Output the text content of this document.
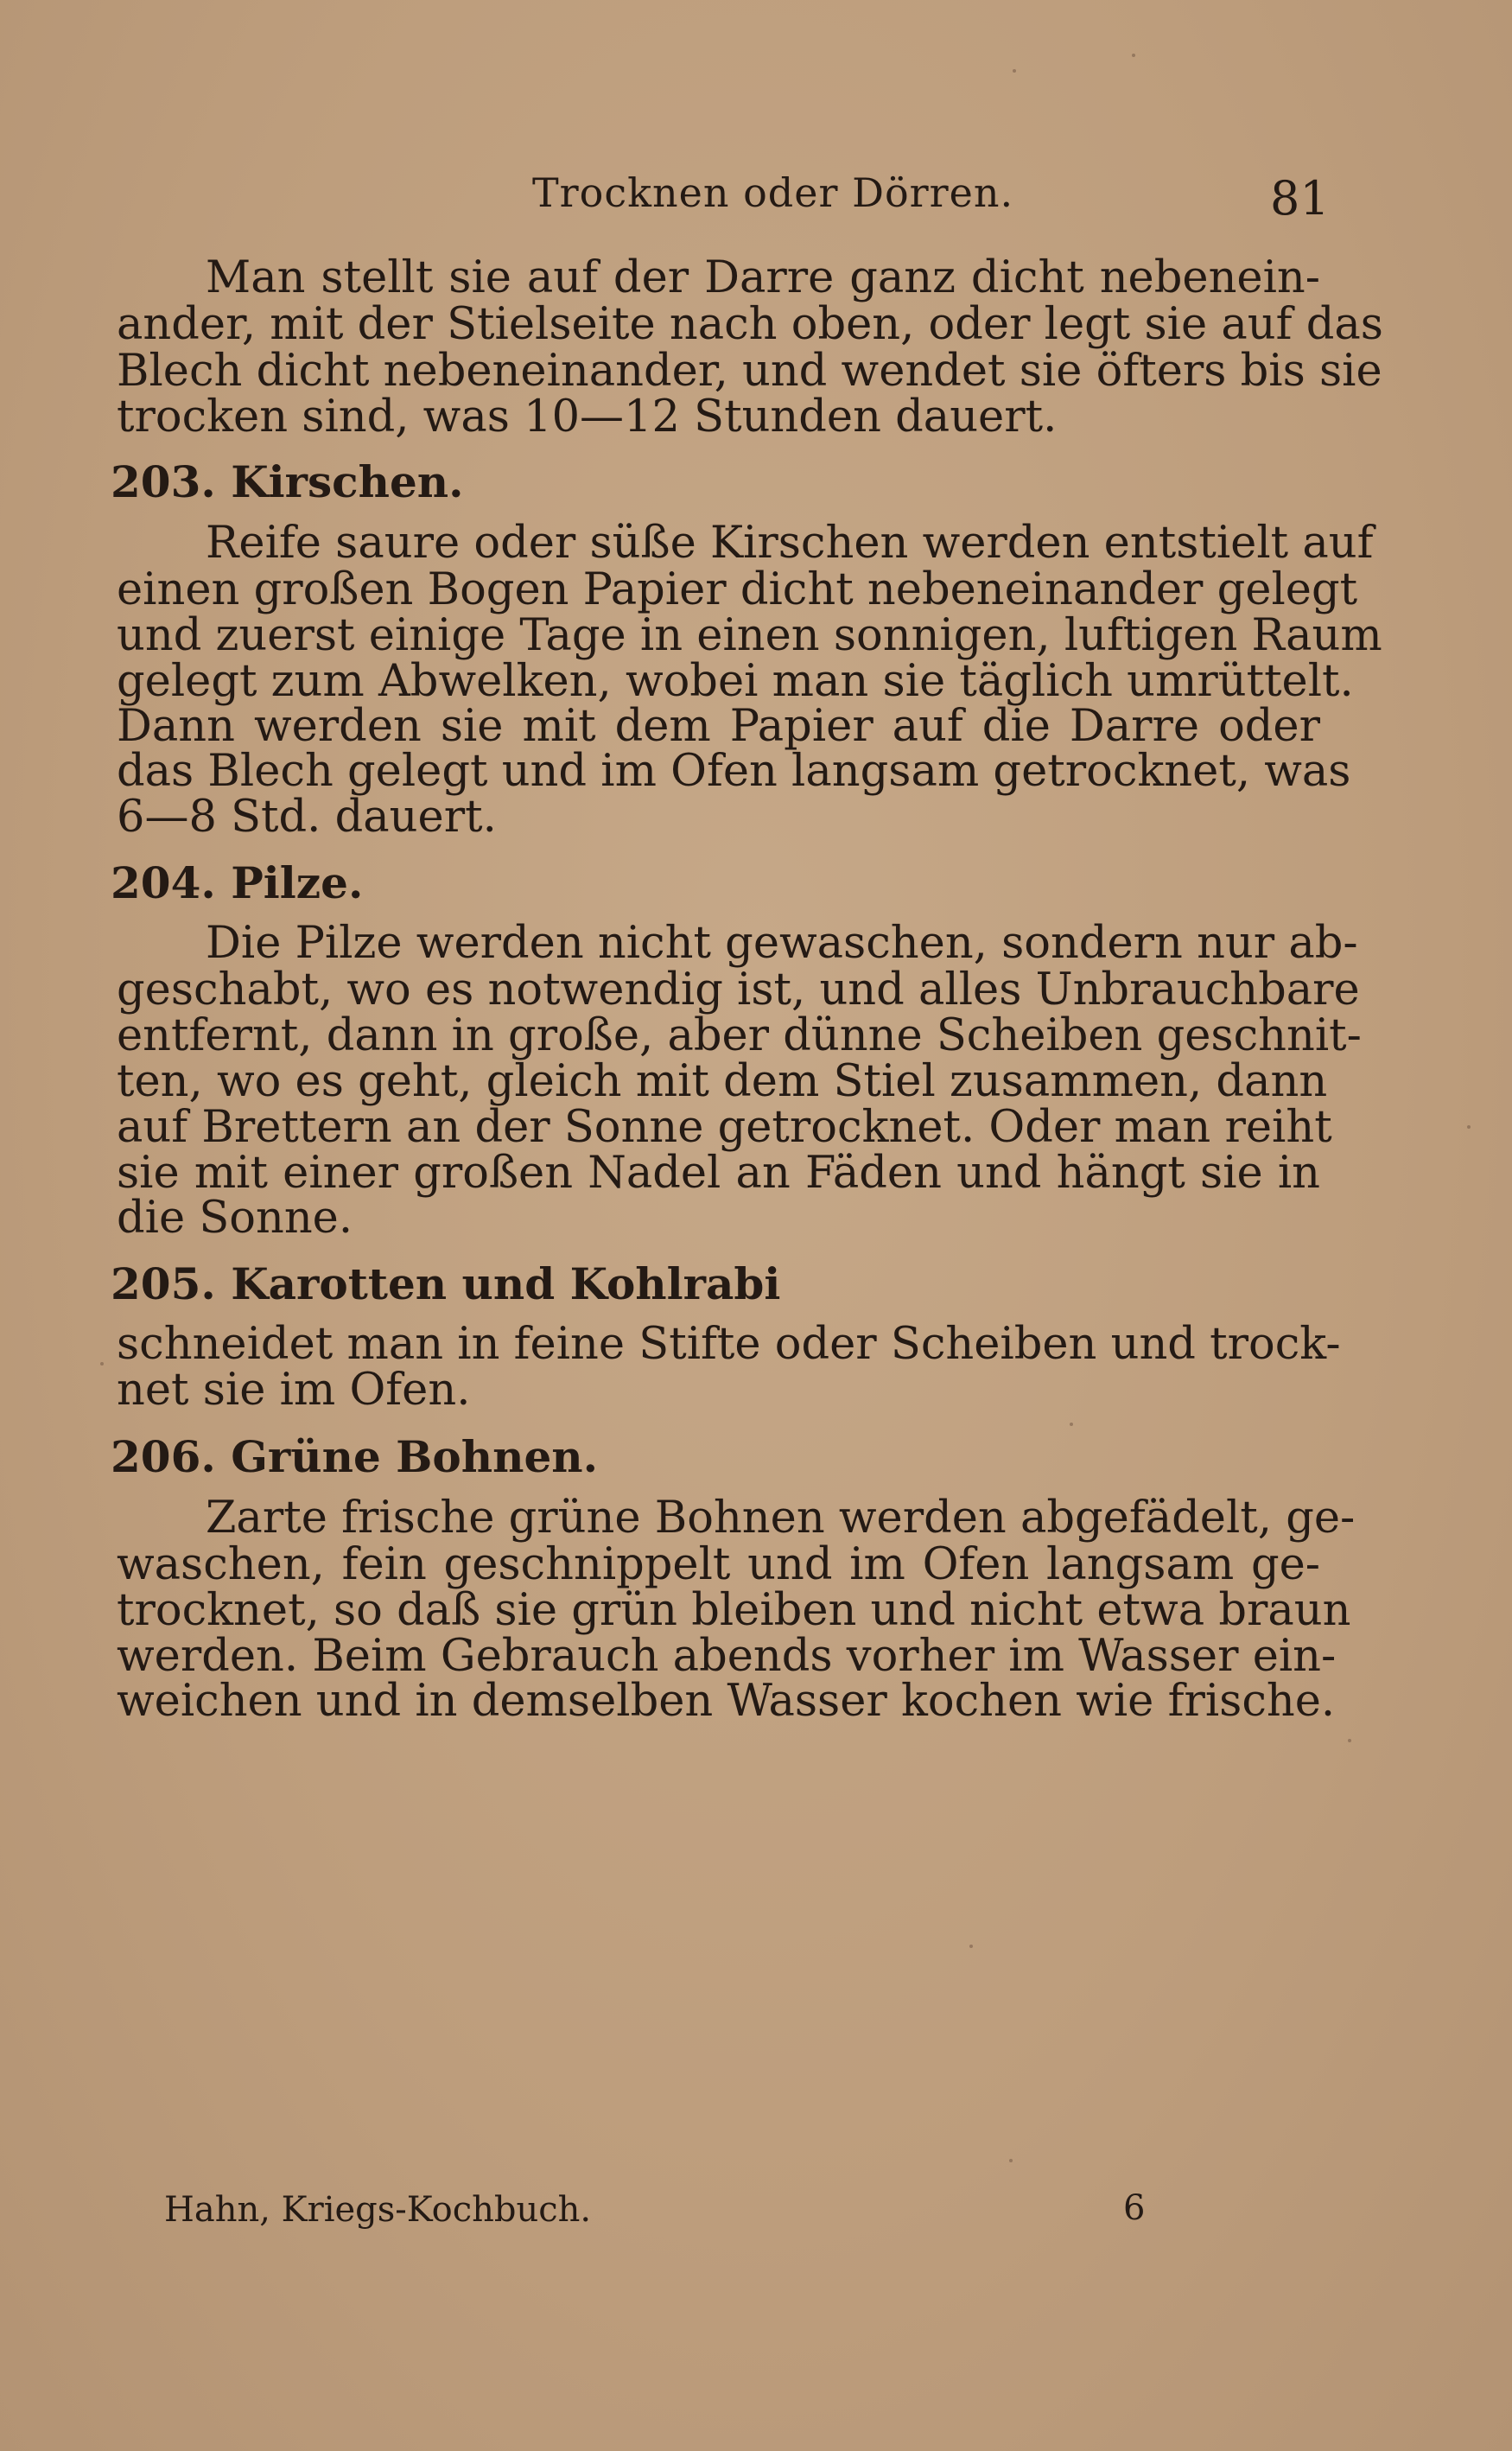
Trocknen oder Dörren.	81
Man stellt sie auf der Darre ganz dicht nebenein-
ander, mit der Stielseite nach oben, oder legt sie auf das
Blech dicht nebeneinander, und wendet sie öfters bis sie
trocken sind, was 10—12 Stunden dauert.
203. Kirschen.
Reife saure oder süße Kirschen werden entstielt auf
einen großen Bogen Papier dicht nebeneinander gelegt
und zuerst einige Tage in einen sonnigen, luftigen Raum
gelegt zum Abwelken, wobei man sie täglich umrüttelt.
Dann werden sie mit dem Papier auf die Darre oder
das Blech gelegt und im Ofen langsam getrocknet, was
6—8 Std. dauert.
204. Pilze.
Die Pilze werden nicht gewaschen, sondern nur ab-
geschabt, wo es notwendig ist, und alles Unbrauchbare
entfernt, dann in große, aber dünne Scheiben geschnit-
ten, wo es geht, gleich mit dem Stiel zusammen, dann
auf Brettern an der Sonne getrocknet. Oder man reiht
sie mit einer großen Nadel an Fäden und hängt sie in
die Sonne.
205. Karotten und Kohlrabi
schneidet man in feine Stifte oder Scheiben und trock-
net sie im Ofen.
206. Grüne Bohnen.
Zarte frische grüne Bohnen werden abgefädelt, ge-
waschen, fein geschnippelt und im Ofen langsam ge-
trocknet, so daß sie grün bleiben und nicht etwa braun
werden. Beim Gebrauch abends vorher im Wasser ein-
weichen und in demselben Wasser kochen wie frische.
Hahn, Kriegs-Kochbuch.	6
